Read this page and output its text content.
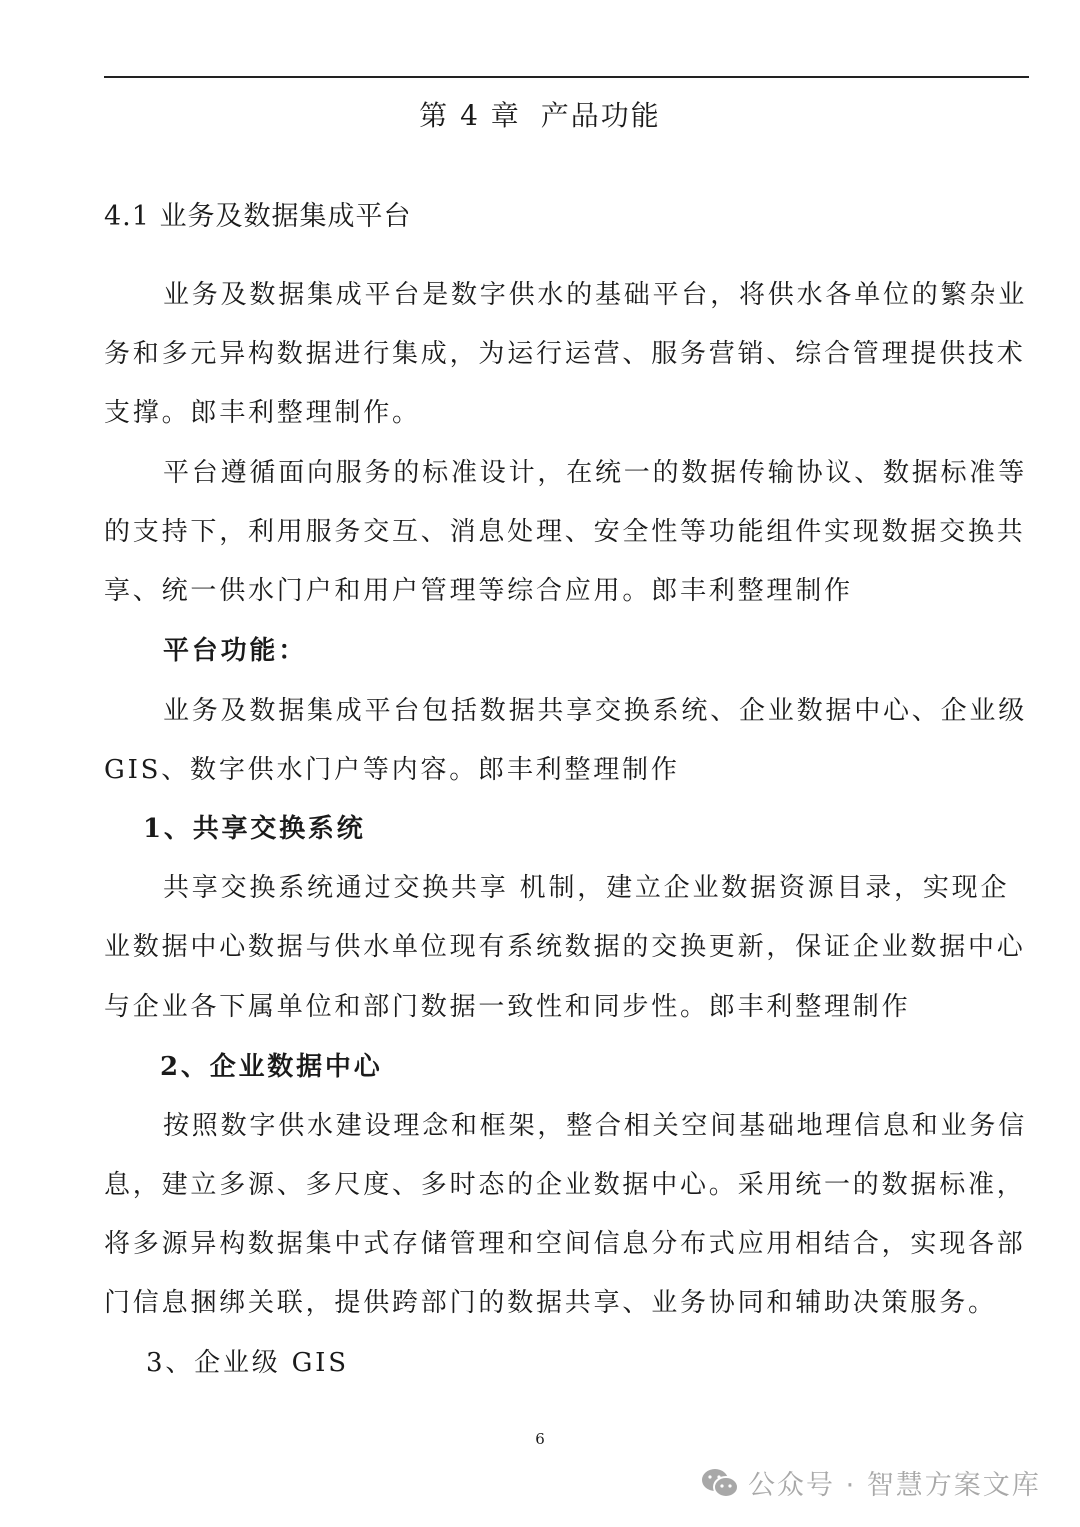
第 4 章 产品功能
4.1 业务及数据集成平台
业务及数据集成平台是数字供水的基础平台，将供水各单位的繁杂业
务和多元异构数据进行集成，为运行运营、服务营销、综合管理提供技术
支撑。郎丰利整理制作。
平台遵循面向服务的标准设计，在统一的数据传输协议、数据标准等
的支持下，利用服务交互、消息处理、安全性等功能组件实现数据交换共
享、统一供水门户和用户管理等综合应用。郎丰利整理制作
平台功能：
业务及数据集成平台包括数据共享交换系统、企业数据中心、企业级
GIS、数字供水门户等内容。郎丰利整理制作
1、共享交换系统
共享交换系统通过交换共享 机制，建立企业数据资源目录，实现企
业数据中心数据与供水单位现有系统数据的交换更新，保证企业数据中心
与企业各下属单位和部门数据一致性和同步性。郎丰利整理制作
2、企业数据中心
按照数字供水建设理念和框架，整合相关空间基础地理信息和业务信
息，建立多源、多尺度、多时态的企业数据中心。采用统一的数据标准，
将多源异构数据集中式存储管理和空间信息分布式应用相结合，实现各部
门信息捆绑关联，提供跨部门的数据共享、业务协同和辅助决策服务。
3、企业级 GIS
6
公众号 · 智慧方案文库
